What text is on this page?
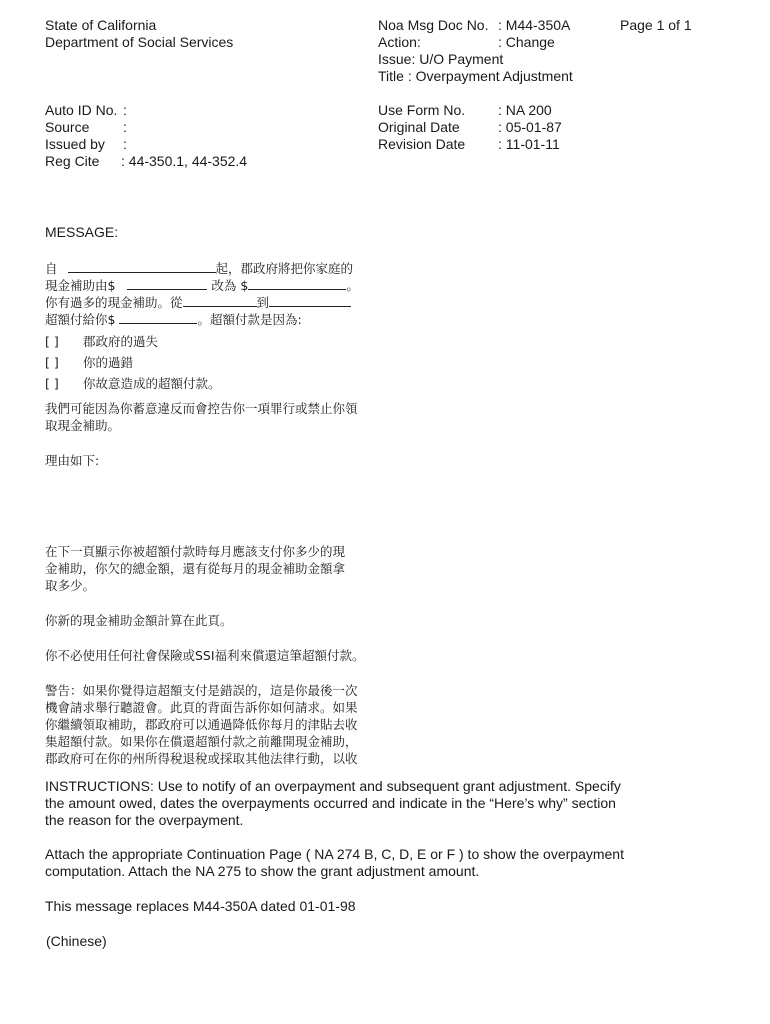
State of California
Department of Social Services
Noa Msg Doc No. : M44-350A	Page 1 of 1
Action:	: Change
Issue: U/O Payment
Title : Overpayment Adjustment
Auto ID No. :
Source :
Issued by :
Reg Cite : 44-350.1, 44-352.4
Use Form No. : NA 200
Original Date	: 05-01-87
Revision Date : 11-01-11
MESSAGE:
自	起，郡政府將把你家庭的
現金補助由$	改為 $	。
你有過多的現金補助。從	到
超額付給你$	。超額付款是因為:
[ ] 郡政府的過失
[ ] 你的過錯
[ ] 你故意造成的超額付款。
我們可能因為你蓄意違反而會控告你一項罪行或禁止你領
取現金補助。
理由如下:
在下一頁顯示你被超額付款時每月應該支付你多少的現
金補助，你欠的總金額，還有從每月的現金補助金額拿
取多少。
你新的現金補助金額計算在此頁。
你不必使用任何社會保險或SSI福利來償還這筆超額付款。
警告：如果你覺得這超額支付是錯誤的，這是你最後一次
機會請求舉行聽證會。此頁的背面告訴你如何請求。如果
你繼續領取補助，郡政府可以通過降低你每月的津貼去收
集超額付款。如果你在償還超額付款之前離開現金補助，
郡政府可在你的州所得稅退稅或採取其他法律行動，以收
INSTRUCTIONS: Use to notify of an overpayment and subsequent grant adjustment. Specify
the amount owed, dates the overpayments occurred and indicate in the “Here’s why” section
the reason for the overpayment.
Attach the appropriate Continuation Page ( NA 274 B, C, D, E or F ) to show the overpayment
computation. Attach the NA 275 to show the grant adjustment amount.
This message replaces M44-350A dated 01-01-98
(Chinese)
